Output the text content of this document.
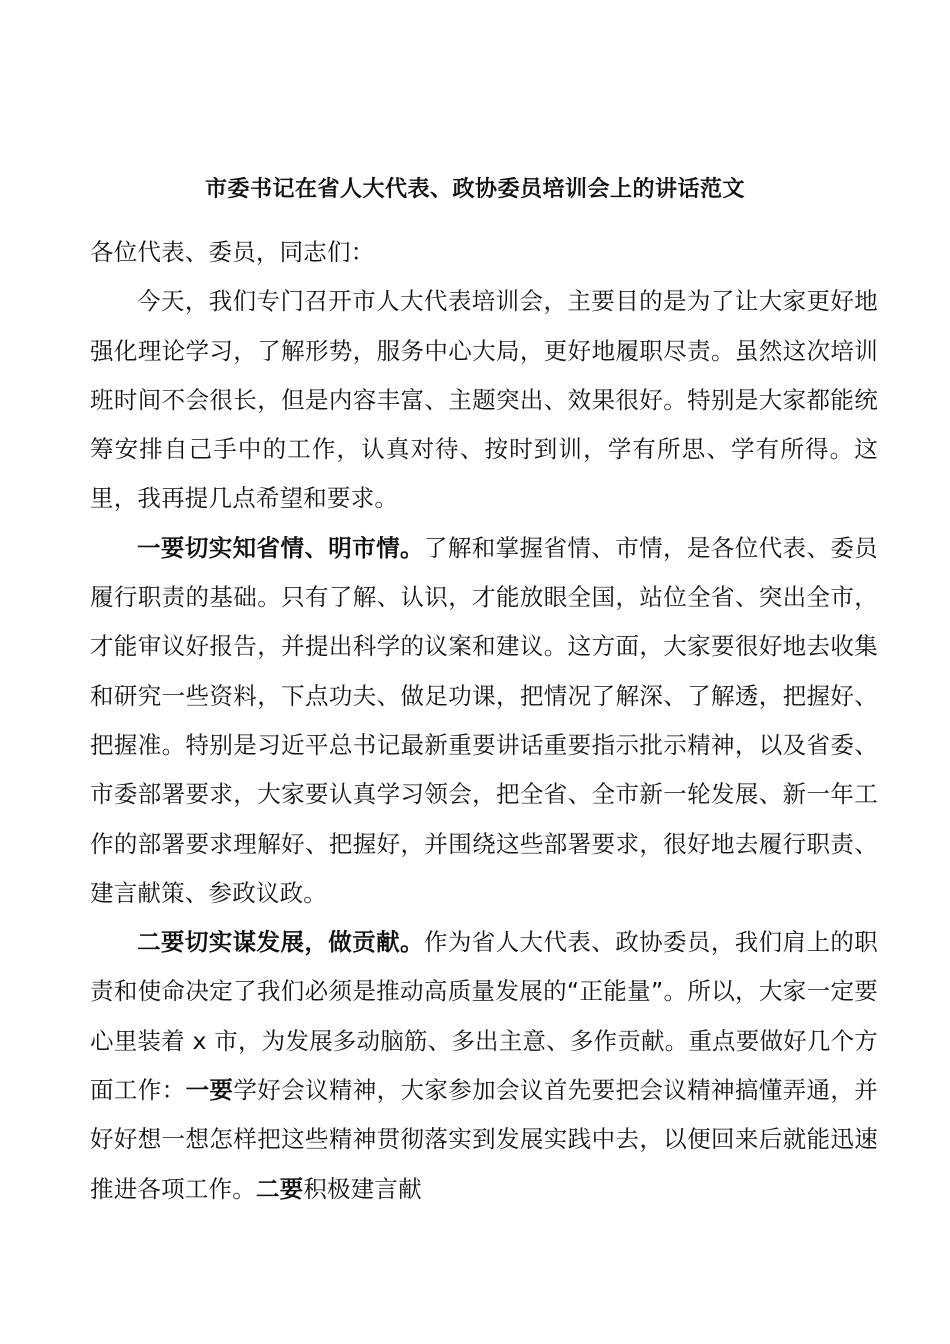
市委书记在省人大代表、政协委员培训会上的讲话范文

各位代表、委员，同志们：

今天，我们专门召开市人大代表培训会，主要目的是为了让大家更好地强化理论学习，了解形势，服务中心大局，更好地履职尽责。虽然这次培训班时间不会很长，但是内容丰富、主题突出、效果很好。特别是大家都能统筹安排自己手中的工作，认真对待、按时到训，学有所思、学有所得。这里，我再提几点希望和要求。

一要切实知省情、明市情。了解和掌握省情、市情，是各位代表、委员履行职责的基础。只有了解、认识，才能放眼全国，站位全省、突出全市，才能审议好报告，并提出科学的议案和建议。这方面，大家要很好地去收集和研究一些资料，下点功夫、做足功课，把情况了解深、了解透，把握好、把握准。特别是习近平总书记最新重要讲话重要指示批示精神，以及省委、市委部署要求，大家要认真学习领会，把全省、全市新一轮发展、新一年工作的部署要求理解好、把握好，并围绕这些部署要求，很好地去履行职责、建言献策、参政议政。

二要切实谋发展，做贡献。作为省人大代表、政协委员，我们肩上的职责和使命决定了我们必须是推动高质量发展的“正能量”。所以，大家一定要心里装着 x 市，为发展多动脑筋、多出主意、多作贡献。重点要做好几个方面工作：一要学好会议精神，大家参加会议首先要把会议精神搞懂弄通，并好好想一想怎样把这些精神贯彻落实到发展实践中去，以便回来后就能迅速推进各项工作。二要积极建言献
